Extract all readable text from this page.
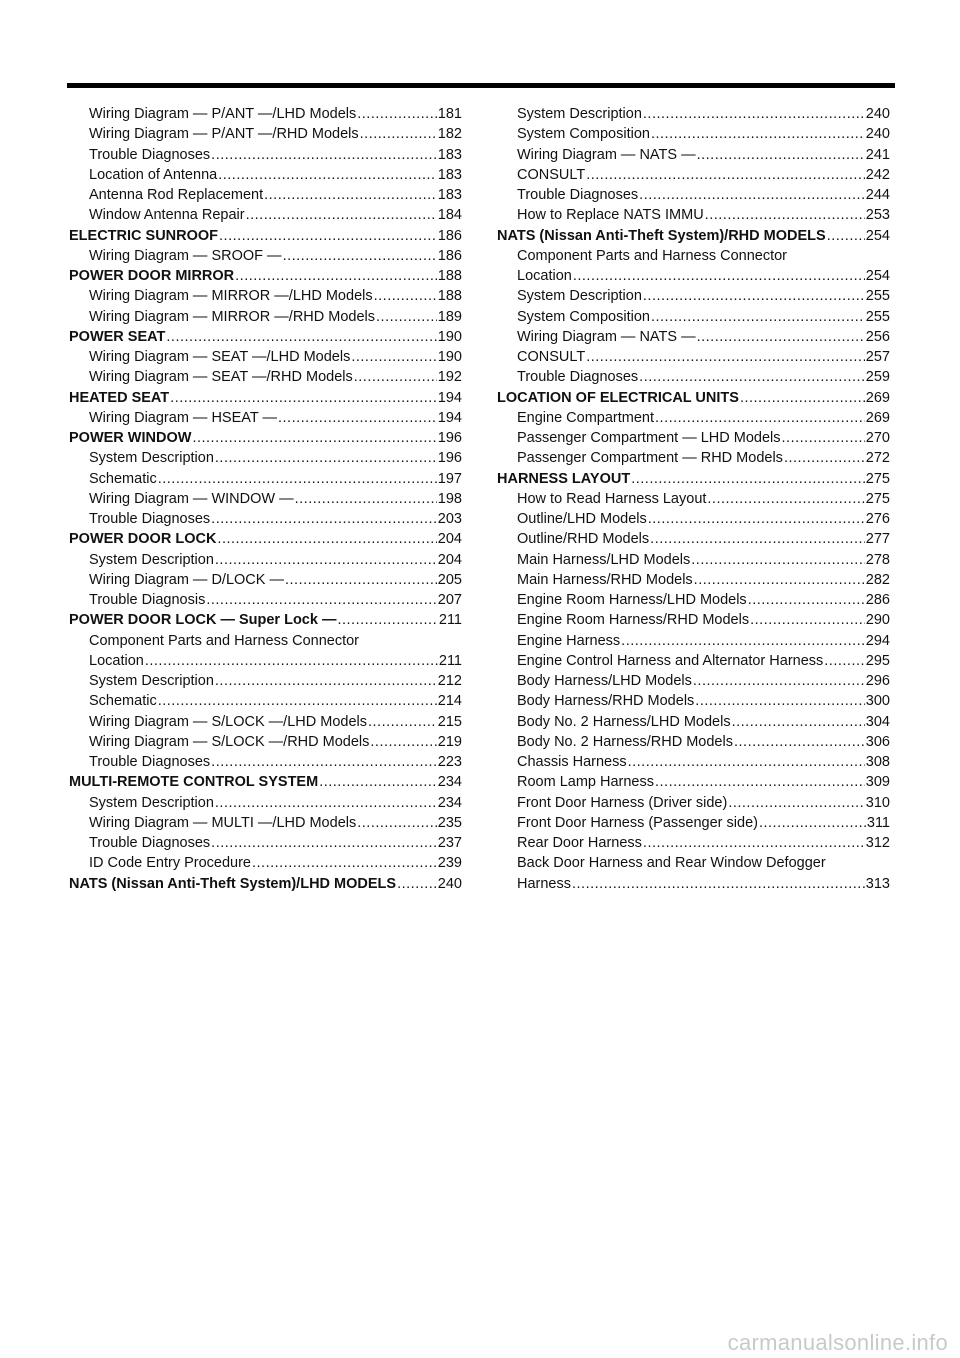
Wiring Diagram — P/ANT —/LHD Models .....	181
Wiring Diagram — P/ANT —/RHD Models .....	182
Trouble Diagnoses .....	183
Location of Antenna .....	183
Antenna Rod Replacement .....	183
Window Antenna Repair .....	184
ELECTRIC SUNROOF .....	186
Wiring Diagram — SROOF — .....	186
POWER DOOR MIRROR .....	188
Wiring Diagram — MIRROR —/LHD Models .....	188
Wiring Diagram — MIRROR —/RHD Models .....	189
POWER SEAT .....	190
Wiring Diagram — SEAT —/LHD Models .....	190
Wiring Diagram — SEAT —/RHD Models .....	192
HEATED SEAT .....	194
Wiring Diagram — HSEAT — .....	194
POWER WINDOW .....	196
System Description .....	196
Schematic .....	197
Wiring Diagram — WINDOW — .....	198
Trouble Diagnoses .....	203
POWER DOOR LOCK .....	204
System Description .....	204
Wiring Diagram — D/LOCK — .....	205
Trouble Diagnosis .....	207
POWER DOOR LOCK — Super Lock — .....	211
Component Parts and Harness Connector
Location .....	211
System Description .....	212
Schematic .....	214
Wiring Diagram — S/LOCK —/LHD Models .....	215
Wiring Diagram — S/LOCK —/RHD Models .....	219
Trouble Diagnoses .....	223
MULTI-REMOTE CONTROL SYSTEM .....	234
System Description .....	234
Wiring Diagram — MULTI —/LHD Models .....	235
Trouble Diagnoses .....	237
ID Code Entry Procedure .....	239
NATS (Nissan Anti-Theft System)/LHD MODELS .....	240
System Description .....	240
System Composition .....	240
Wiring Diagram — NATS — .....	241
CONSULT .....	242
Trouble Diagnoses .....	244
How to Replace NATS IMMU .....	253
NATS (Nissan Anti-Theft System)/RHD MODELS .....	254
Component Parts and Harness Connector
Location .....	254
System Description .....	255
System Composition .....	255
Wiring Diagram — NATS — .....	256
CONSULT .....	257
Trouble Diagnoses .....	259
LOCATION OF ELECTRICAL UNITS .....	269
Engine Compartment .....	269
Passenger Compartment — LHD Models .....	270
Passenger Compartment — RHD Models .....	272
HARNESS LAYOUT .....	275
How to Read Harness Layout .....	275
Outline/LHD Models .....	276
Outline/RHD Models .....	277
Main Harness/LHD Models .....	278
Main Harness/RHD Models .....	282
Engine Room Harness/LHD Models .....	286
Engine Room Harness/RHD Models .....	290
Engine Harness .....	294
Engine Control Harness and Alternator Harness .....	295
Body Harness/LHD Models .....	296
Body Harness/RHD Models .....	300
Body No. 2 Harness/LHD Models .....	304
Body No. 2 Harness/RHD Models .....	306
Chassis Harness .....	308
Room Lamp Harness .....	309
Front Door Harness (Driver side) .....	310
Front Door Harness (Passenger side) .....	311
Rear Door Harness .....	312
Back Door Harness and Rear Window Defogger
Harness .....	313
carmanualsonline.info
